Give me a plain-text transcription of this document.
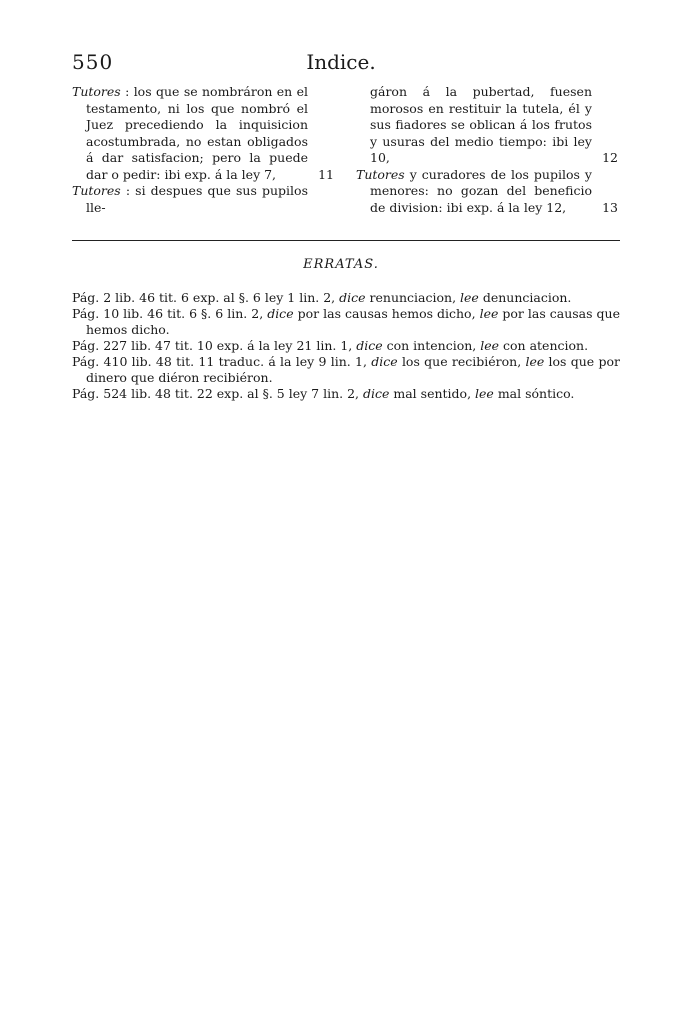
550	Indice.

Tutores : los que se nombráron en el testamento, ni los que nombró el Juez precediendo la inquisicion acostumbrada, no estan obligados á dar satisfacion; pero la puede dar o pedir: ibi exp. á la ley 7,	11

Tutores : si despues que sus pupilos lle-

gáron á la pubertad, fuesen morosos en restituir la tutela, él y sus fiadores se oblican á los frutos y usuras del medio tiempo: ibi ley 10,	12

Tutores y curadores de los pupilos y menores: no gozan del beneficio de division: ibi exp. á la ley 12,	13

ERRATAS.

Pág. 2 lib. 46 tit. 6 exp. al §. 6 ley 1 lin. 2, dice renunciacion, lee denunciacion.

Pág. 10 lib. 46 tit. 6 §. 6 lin. 2, dice por las causas hemos dicho, lee por las causas que hemos dicho.

Pág. 227 lib. 47 tit. 10 exp. á la ley 21 lin. 1, dice con intencion, lee con atencion.

Pág. 410 lib. 48 tit. 11 traduc. á la ley 9 lin. 1, dice los que recibiéron, lee los que por dinero que diéron recibiéron.

Pág. 524 lib. 48 tit. 22 exp. al §. 5 ley 7 lin. 2, dice mal sentido, lee mal sóntico.
